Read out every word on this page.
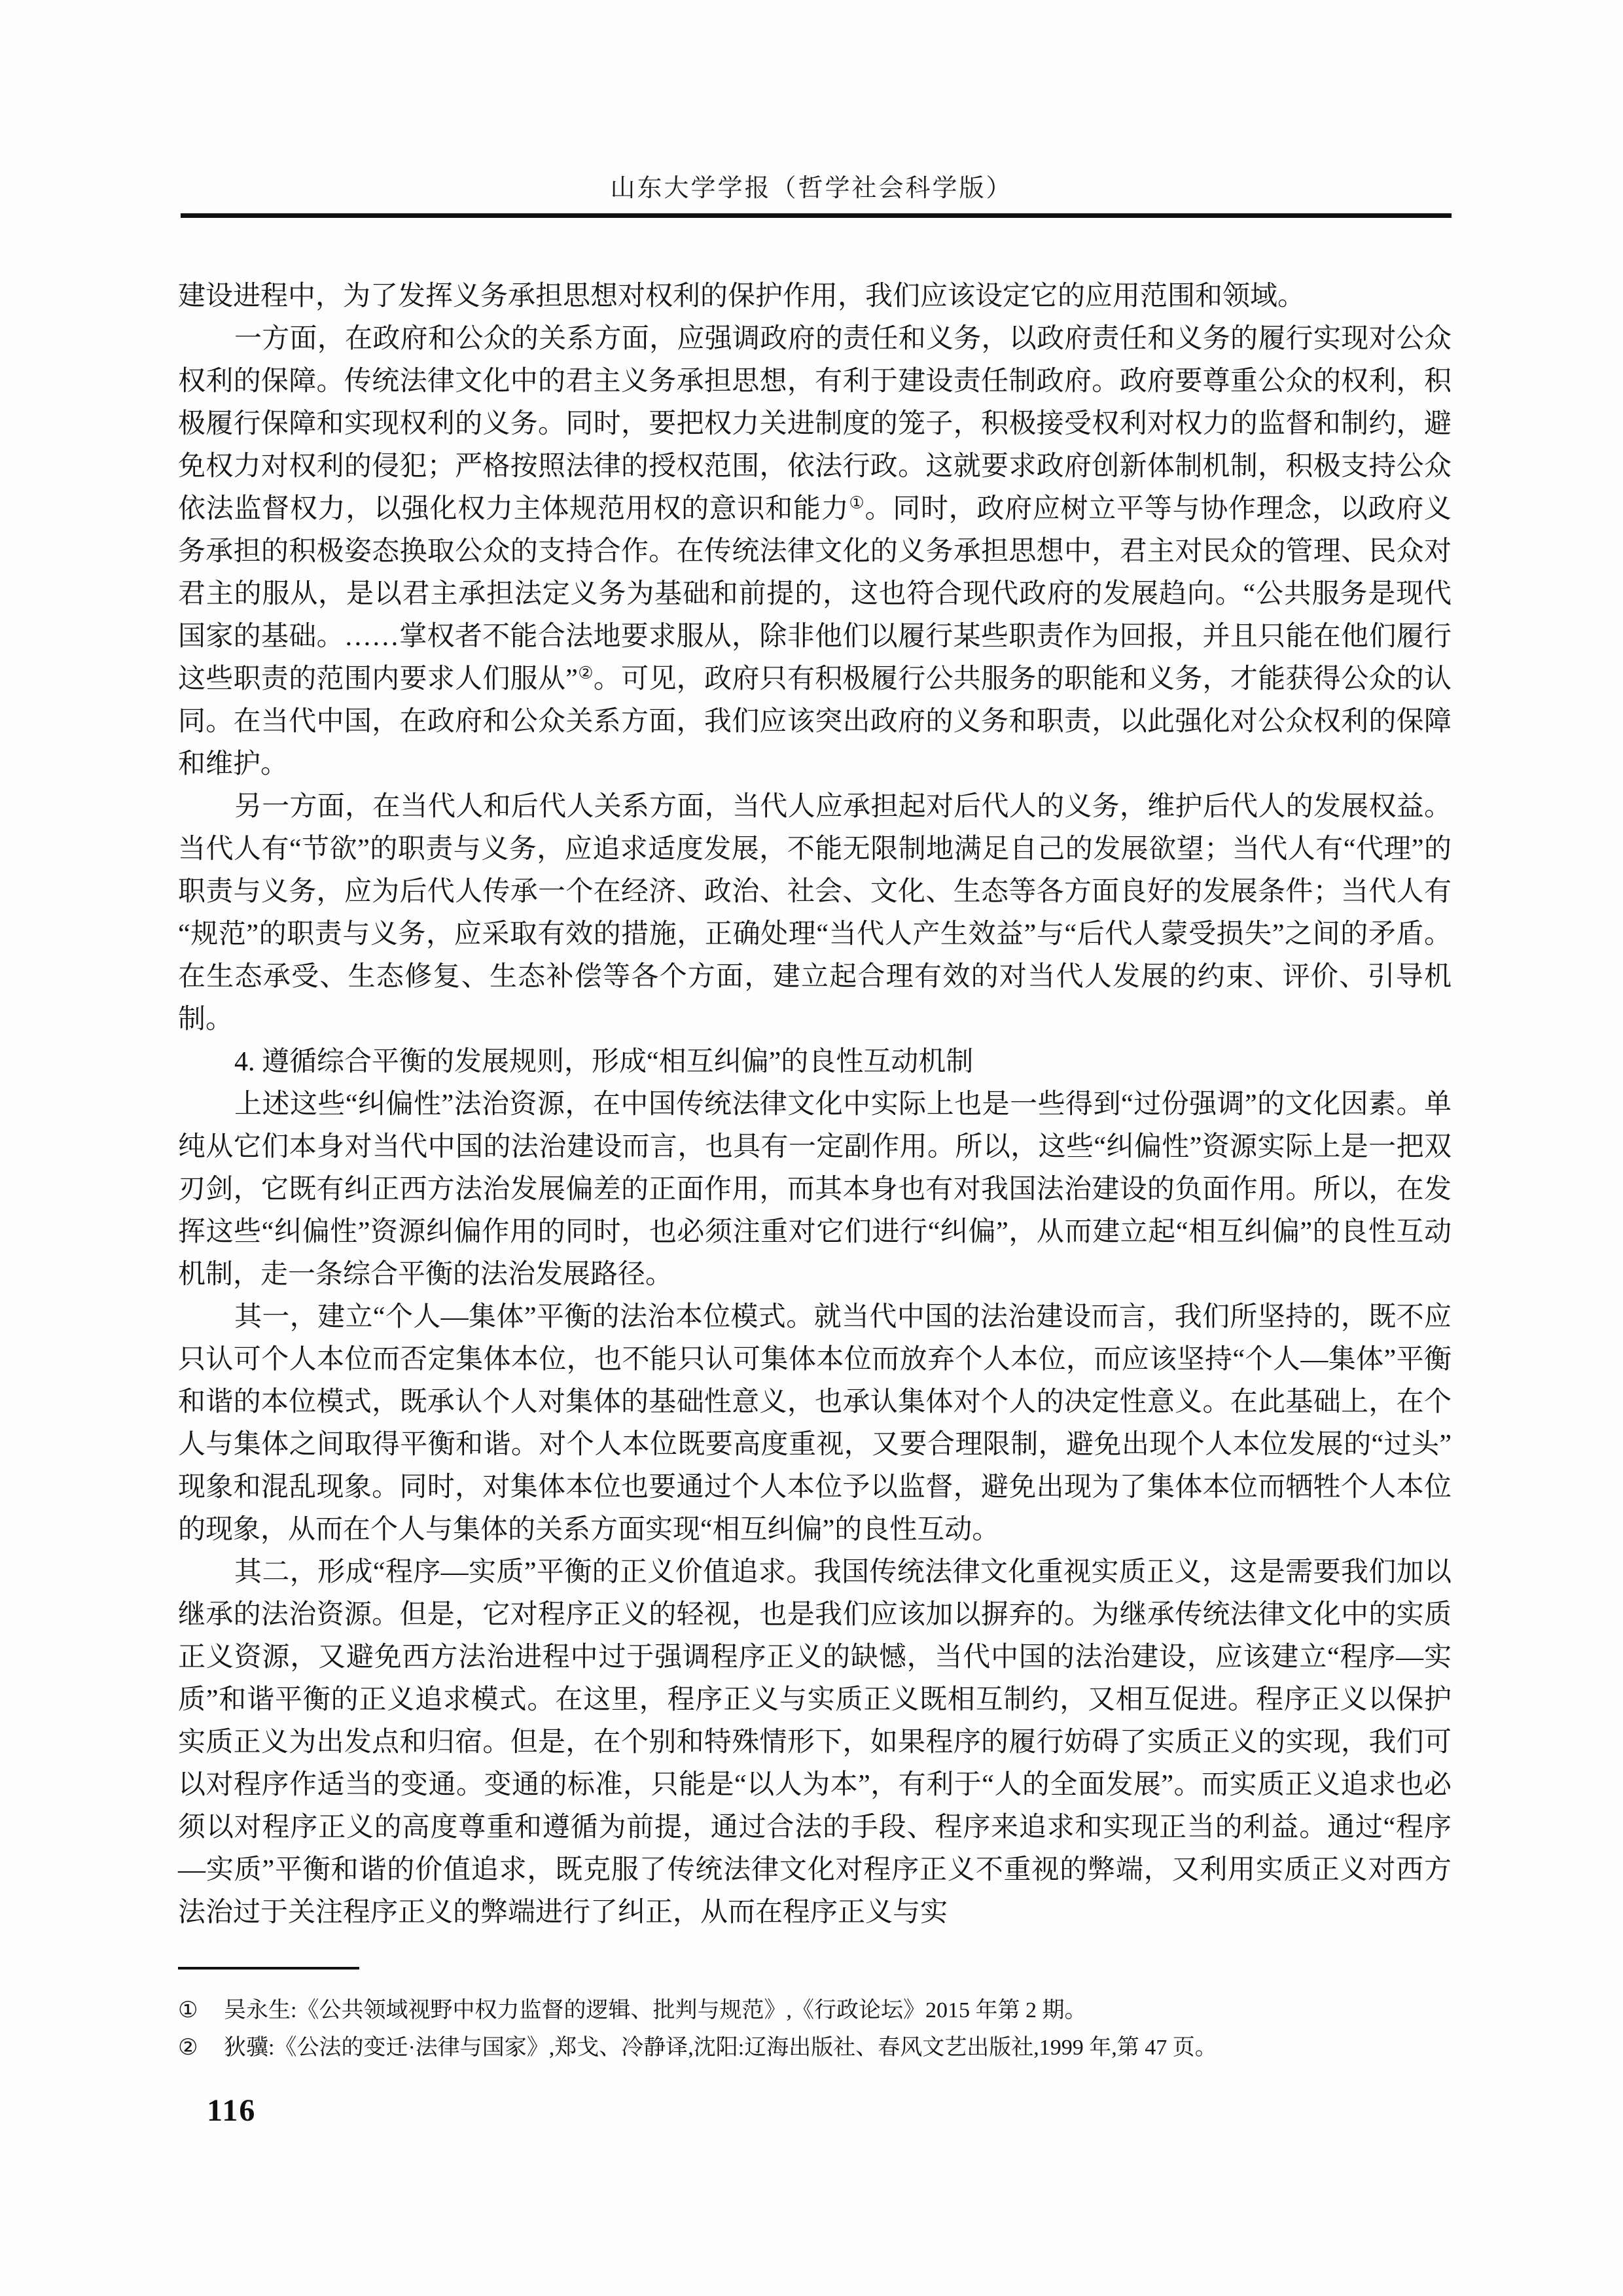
山东大学学报（哲学社会科学版）

建设进程中，为了发挥义务承担思想对权利的保护作用，我们应该设定它的应用范围和领域。

一方面，在政府和公众的关系方面，应强调政府的责任和义务，以政府责任和义务的履行实现对公众权利的保障。传统法律文化中的君主义务承担思想，有利于建设责任制政府。政府要尊重公众的权利，积极履行保障和实现权利的义务。同时，要把权力关进制度的笼子，积极接受权利对权力的监督和制约，避免权力对权利的侵犯；严格按照法律的授权范围，依法行政。这就要求政府创新体制机制，积极支持公众依法监督权力，以强化权力主体规范用权的意识和能力①。同时，政府应树立平等与协作理念，以政府义务承担的积极姿态换取公众的支持合作。在传统法律文化的义务承担思想中，君主对民众的管理、民众对君主的服从，是以君主承担法定义务为基础和前提的，这也符合现代政府的发展趋向。“公共服务是现代国家的基础。……掌权者不能合法地要求服从，除非他们以履行某些职责作为回报，并且只能在他们履行这些职责的范围内要求人们服从”②。可见，政府只有积极履行公共服务的职能和义务，才能获得公众的认同。在当代中国，在政府和公众关系方面，我们应该突出政府的义务和职责，以此强化对公众权利的保障和维护。

另一方面，在当代人和后代人关系方面，当代人应承担起对后代人的义务，维护后代人的发展权益。当代人有“节欲”的职责与义务，应追求适度发展，不能无限制地满足自己的发展欲望；当代人有“代理”的职责与义务，应为后代人传承一个在经济、政治、社会、文化、生态等各方面良好的发展条件；当代人有“规范”的职责与义务，应采取有效的措施，正确处理“当代人产生效益”与“后代人蒙受损失”之间的矛盾。在生态承受、生态修复、生态补偿等各个方面，建立起合理有效的对当代人发展的约束、评价、引导机制。

4. 遵循综合平衡的发展规则，形成“相互纠偏”的良性互动机制

上述这些“纠偏性”法治资源，在中国传统法律文化中实际上也是一些得到“过份强调”的文化因素。单纯从它们本身对当代中国的法治建设而言，也具有一定副作用。所以，这些“纠偏性”资源实际上是一把双刃剑，它既有纠正西方法治发展偏差的正面作用，而其本身也有对我国法治建设的负面作用。所以，在发挥这些“纠偏性”资源纠偏作用的同时，也必须注重对它们进行“纠偏”，从而建立起“相互纠偏”的良性互动机制，走一条综合平衡的法治发展路径。

其一，建立“个人—集体”平衡的法治本位模式。就当代中国的法治建设而言，我们所坚持的，既不应只认可个人本位而否定集体本位，也不能只认可集体本位而放弃个人本位，而应该坚持“个人—集体”平衡和谐的本位模式，既承认个人对集体的基础性意义，也承认集体对个人的决定性意义。在此基础上，在个人与集体之间取得平衡和谐。对个人本位既要高度重视，又要合理限制，避免出现个人本位发展的“过头”现象和混乱现象。同时，对集体本位也要通过个人本位予以监督，避免出现为了集体本位而牺牲个人本位的现象，从而在个人与集体的关系方面实现“相互纠偏”的良性互动。

其二，形成“程序—实质”平衡的正义价值追求。我国传统法律文化重视实质正义，这是需要我们加以继承的法治资源。但是，它对程序正义的轻视，也是我们应该加以摒弃的。为继承传统法律文化中的实质正义资源，又避免西方法治进程中过于强调程序正义的缺憾，当代中国的法治建设，应该建立“程序—实质”和谐平衡的正义追求模式。在这里，程序正义与实质正义既相互制约，又相互促进。程序正义以保护实质正义为出发点和归宿。但是，在个别和特殊情形下，如果程序的履行妨碍了实质正义的实现，我们可以对程序作适当的变通。变通的标准，只能是“以人为本”，有利于“人的全面发展”。而实质正义追求也必须以对程序正义的高度尊重和遵循为前提，通过合法的手段、程序来追求和实现正当的利益。通过“程序—实质”平衡和谐的价值追求，既克服了传统法律文化对程序正义不重视的弊端，又利用实质正义对西方法治过于关注程序正义的弊端进行了纠正，从而在程序正义与实

①	吴永生:《公共领域视野中权力监督的逻辑、批判与规范》,《行政论坛》2015 年第 2 期。
②	狄骥:《公法的变迁·法律与国家》,郑戈、冷静译,沈阳:辽海出版社、春风文艺出版社,1999 年,第 47 页。
116
